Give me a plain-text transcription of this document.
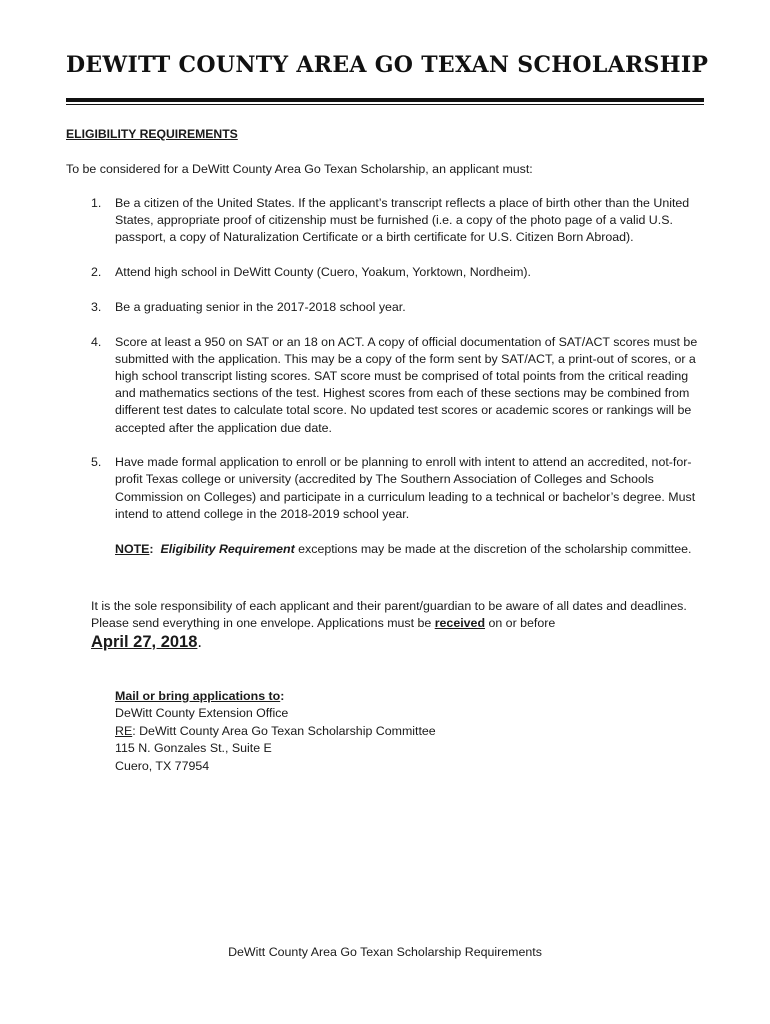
DEWITT COUNTY AREA GO TEXAN SCHOLARSHIP
ELIGIBILITY REQUIREMENTS
To be considered for a DeWitt County Area Go Texan Scholarship, an applicant must:
1.	Be a citizen of the United States. If the applicant’s transcript reflects a place of birth other than the United States, appropriate proof of citizenship must be furnished (i.e. a copy of the photo page of a valid U.S. passport, a copy of Naturalization Certificate or a birth certificate for U.S. Citizen Born Abroad).
2.	Attend high school in DeWitt County (Cuero, Yoakum, Yorktown, Nordheim).
3.	Be a graduating senior in the 2017-2018 school year.
4.	Score at least a 950 on SAT or an 18 on ACT. A copy of official documentation of SAT/ACT scores must be submitted with the application. This may be a copy of the form sent by SAT/ACT, a print-out of scores, or a high school transcript listing scores. SAT score must be comprised of total points from the critical reading and mathematics sections of the test. Highest scores from each of these sections may be combined from different test dates to calculate total score. No updated test scores or academic scores or rankings will be accepted after the application due date.
5.	Have made formal application to enroll or be planning to enroll with intent to attend an accredited, not-for-profit Texas college or university (accredited by The Southern Association of Colleges and Schools Commission on Colleges) and participate in a curriculum leading to a technical or bachelor’s degree. Must intend to attend college in the 2018-2019 school year.
NOTE: Eligibility Requirement exceptions may be made at the discretion of the scholarship committee.
It is the sole responsibility of each applicant and their parent/guardian to be aware of all dates and deadlines. Please send everything in one envelope. Applications must be received on or before
April 27, 2018.
Mail or bring applications to:
DeWitt County Extension Office
RE: DeWitt County Area Go Texan Scholarship Committee
115 N. Gonzales St., Suite E
Cuero, TX 77954
DeWitt County Area Go Texan Scholarship Requirements
